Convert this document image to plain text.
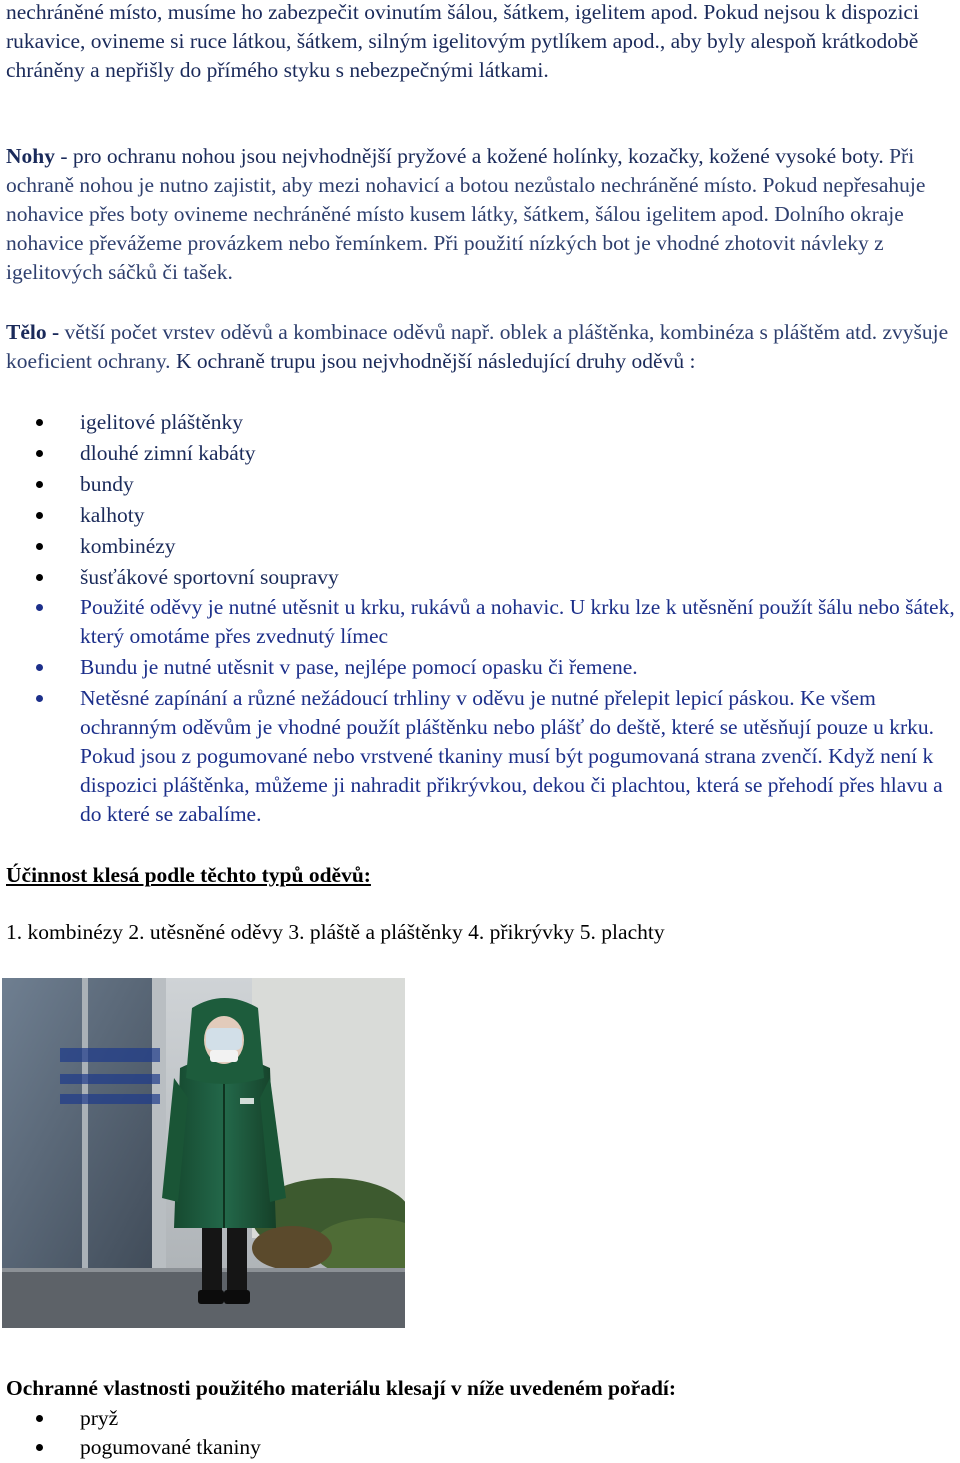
nechráněné místo, musíme ho zabezpečit ovinutím šálou, šátkem, igelitem apod. Pokud nejsou k dispozici rukavice, ovineme si ruce látkou, šátkem, silným igelitovým pytlíkem apod., aby byly alespoň krátkodobě chráněny a nepřišly do přímého styku s nebezpečnými látkami.

Nohy - pro ochranu nohou jsou nejvhodnější pryžové a kožené holínky, kozačky, kožené vysoké boty. Při ochraně nohou je nutno zajistit, aby mezi nohavicí a botou nezůstalo nechráněné místo. Pokud nepřesahuje nohavice přes boty ovineme nechráněné místo kusem látky, šátkem, šálou igelitem apod. Dolního okraje nohavice převážeme provázkem nebo řemínkem. Při použití nízkých bot je vhodné zhotovit návleky z igelitových sáčků či tašek.

Tělo - větší počet vrstev oděvů a kombinace oděvů např. oblek a pláštěnka, kombinéza s pláštěm atd. zvyšuje koeficient ochrany. K ochraně trupu jsou nejvhodnější následující druhy oděvů :

igelitové pláštěnky
dlouhé zimní kabáty
bundy
kalhoty
kombinézy
šusťákové sportovní soupravy
Použité oděvy je nutné utěsnit u krku, rukávů a nohavic. U krku lze k utěsnění použít šálu nebo šátek, který omotáme přes zvednutý límec
Bundu je nutné utěsnit v pase, nejlépe pomocí opasku či řemene.
Netěsné zapínání a různé nežádoucí trhliny v oděvu je nutné přelepit lepicí páskou. Ke všem ochranným oděvům je vhodné použít pláštěnku nebo plášť do deště, které se utěsňují pouze u krku. Pokud jsou z pogumované nebo vrstvené tkaniny musí být pogumovaná strana zvenčí. Když není k dispozici pláštěnka, můžeme ji nahradit přikrývkou, dekou či plachtou, která se přehodí přes hlavu a do které se zabalíme.

Účinnost klesá podle těchto typů oděvů:

1. kombinézy 2. utěsněné oděvy 3. pláště a pláštěnky 4. přikrývky 5. plachty

Ochranné vlastnosti použitého materiálu klesají v níže uvedeném pořadí:

pryž
pogumované tkaniny
